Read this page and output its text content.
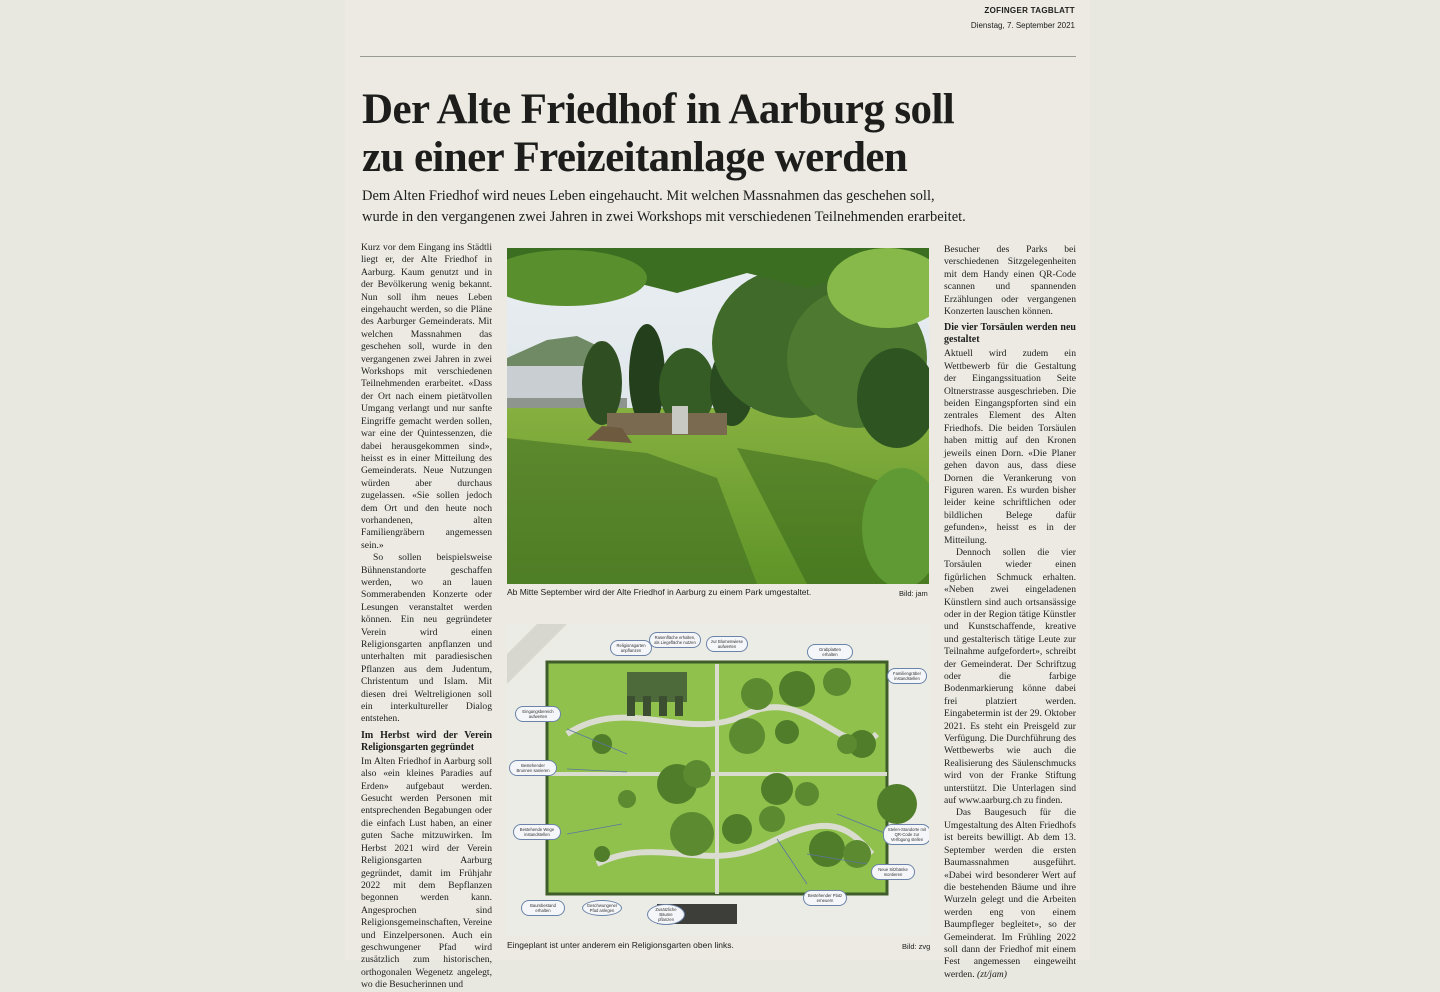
ZOFINGER TAGBLATT
Dienstag, 7. September 2021
Der Alte Friedhof in Aarburg soll
zu einer Freizeitanlage werden

Dem Alten Friedhof wird neues Leben eingehaucht. Mit welchen Massnahmen das geschehen soll,
wurde in den vergangenen zwei Jahren in zwei Workshops mit verschiedenen Teilnehmenden erarbeitet.

Kurz vor dem Eingang ins Städtli liegt er, der Alte Friedhof in Aarburg. Kaum genutzt und in der Bevölkerung wenig bekannt. Nun soll ihm neues Leben eingehaucht werden, so die Pläne des Aarburger Gemeinderats. Mit welchen Massnahmen das geschehen soll, wurde in den vergangenen zwei Jahren in zwei Workshops mit verschiedenen Teilnehmenden erarbeitet. «Dass der Ort nach einem pietätvollen Umgang verlangt und nur sanfte Eingriffe gemacht werden sollen, war eine der Quintessenzen, die dabei herausgekommen sind», heisst es in einer Mitteilung des Gemeinderats. Neue Nutzungen würden aber durchaus zugelassen. «Sie sollen jedoch dem Ort und den heute noch vorhandenen, alten Familiengräbern angemessen sein.»

So sollen beispielsweise Bühnenstandorte geschaffen werden, wo an lauen Sommerabenden Konzerte oder Lesungen veranstaltet werden können. Ein neu gegründeter Verein wird einen Religionsgarten anpflanzen und unterhalten mit paradiesischen Pflanzen aus dem Judentum, Christentum und Islam. Mit diesen drei Weltreligionen soll ein interkultureller Dialog entstehen.

Im Herbst wird der Verein Religionsgarten gegründet

Im Alten Friedhof in Aarburg soll also «ein kleines Paradies auf Erden» aufgebaut werden. Gesucht werden Personen mit entsprechenden Begabungen oder die einfach Lust haben, an einer guten Sache mitzuwirken. Im Herbst 2021 wird der Verein Religionsgarten Aarburg gegründet, damit im Frühjahr 2022 mit dem Bepflanzen begonnen werden kann. Angesprochen sind Religionsgemeinschaften, Vereine und Einzelpersonen. Auch ein geschwungener Pfad wird zusätzlich zum historischen, orthogonalen Wegenetz angelegt, wo die Besucherinnen und

Ab Mitte September wird der Alte Friedhof in Aarburg zu einem Park umgestaltet.	Bild: jam
Religionsgarten anpflanzen
Rasenfläche erhalten, als Liegefläche nutzen	zur Blumenwiese aufwerten
Grabplatten erhalten
Eingangsbereich aufwerten
Bestehender Brunnen sanieren
Familiengräber instandstellen
Bestehende Wege instandstellen
Stelen-Standorte mit QR-Code zur Verfügung stellen
Neue Sitzbänke montieren
Bestehender Platz erneuern
Geschwungener Pfad anlegen
Baumbestand erhalten	Zusätzliche Bäume pflanzen
Eingeplant ist unter anderem ein Religionsgarten oben links.	Bild: zvg

Besucher des Parks bei verschiedenen Sitzgelegenheiten mit dem Handy einen QR-Code scannen und spannenden Erzählungen oder vergangenen Konzerten lauschen können.

Die vier Torsäulen werden neu gestaltet

Aktuell wird zudem ein Wettbewerb für die Gestaltung der Eingangssituation Seite Oltnerstrasse ausgeschrieben. Die beiden Eingangspforten sind ein zentrales Element des Alten Friedhofs. Die beiden Torsäulen haben mittig auf den Kronen jeweils einen Dorn. «Die Planer gehen davon aus, dass diese Dornen die Verankerung von Figuren waren. Es wurden bisher leider keine schriftlichen oder bildlichen Belege dafür gefunden», heisst es in der Mitteilung.

Dennoch sollen die vier Torsäulen wieder einen figürlichen Schmuck erhalten. «Neben zwei eingeladenen Künstlern sind auch ortsansässige oder in der Region tätige Künstler und Kunstschaffende, kreative und gestalterisch tätige Leute zur Teilnahme aufgefordert», schreibt der Gemeinderat. Der Schriftzug oder die farbige Bodenmarkierung könne dabei frei platziert werden. Eingabetermin ist der 29. Oktober 2021. Es steht ein Preisgeld zur Verfügung. Die Durchführung des Wettbewerbs wie auch die Realisierung des Säulenschmucks wird von der Franke Stiftung unterstützt. Die Unterlagen sind auf www.aarburg.ch zu finden.

Das Baugesuch für die Umgestaltung des Alten Friedhofs ist bereits bewilligt. Ab dem 13. September werden die ersten Baumassnahmen ausgeführt. «Dabei wird besonderer Wert auf die bestehenden Bäume und ihre Wurzeln gelegt und die Arbeiten werden eng von einem Baumpfleger begleitet», so der Gemeinderat. Im Frühling 2022 soll dann der Friedhof mit einem Fest angemessen eingeweiht werden. (zt/jam)
